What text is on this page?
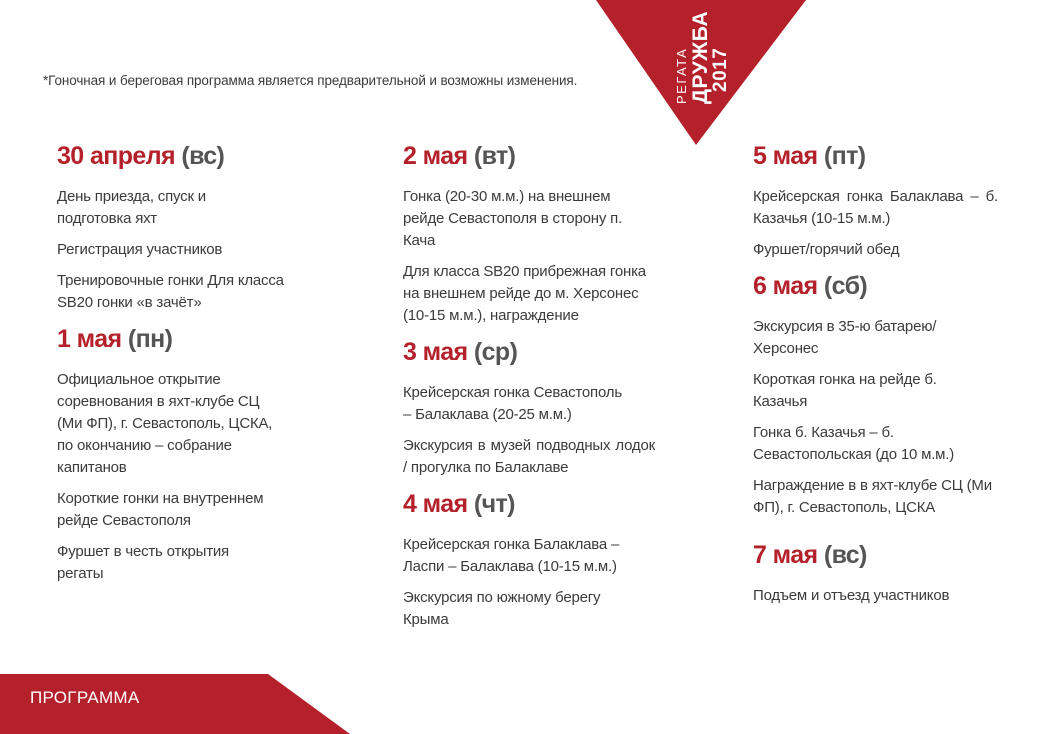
РЕГАТА ДРУЖБА
2017
*Гоночная и береговая программа является предварительной и возможны изменения.
30 апреля (вс)
День приезда, спуск и подготовка яхт
Регистрация участников
Тренировочные гонки Для класса SB20 гонки «в зачёт»
1 мая (пн)
Официальное открытие соревнования в яхт-клубе СЦ (Ми ФП), г. Севастополь, ЦСКА, по окончанию – собрание капитанов
Короткие гонки на внутреннем рейде Севастополя
Фуршет в честь открытия регаты
2 мая (вт)
Гонка (20-30 м.м.) на внешнем рейде Севастополя в сторону п. Кача
Для класса SB20 прибрежная гонка на внешнем рейде до м. Херсонес (10-15 м.м.), награждение
3 мая (ср)
Крейсерская гонка Севастополь – Балаклава (20-25 м.м.)
Экскурсия в музей подводных лодок / прогулка по Балаклаве
4 мая (чт)
Крейсерская гонка Балаклава – Ласпи – Балаклава (10-15 м.м.)
Экскурсия по южному берегу Крыма
5 мая (пт)
Крейсерская гонка Балаклава – б. Казачья (10-15 м.м.)
Фуршет/горячий обед
6 мая (сб)
Экскурсия в 35-ю батарею/ Херсонес
Короткая гонка на рейде б. Казачья
Гонка б. Казачья – б. Севастопольская (до 10 м.м.)
Награждение в в яхт-клубе СЦ (Ми ФП), г. Севастополь, ЦСКА
7 мая (вс)
Подъем и отъезд участников
ПРОГРАММА
